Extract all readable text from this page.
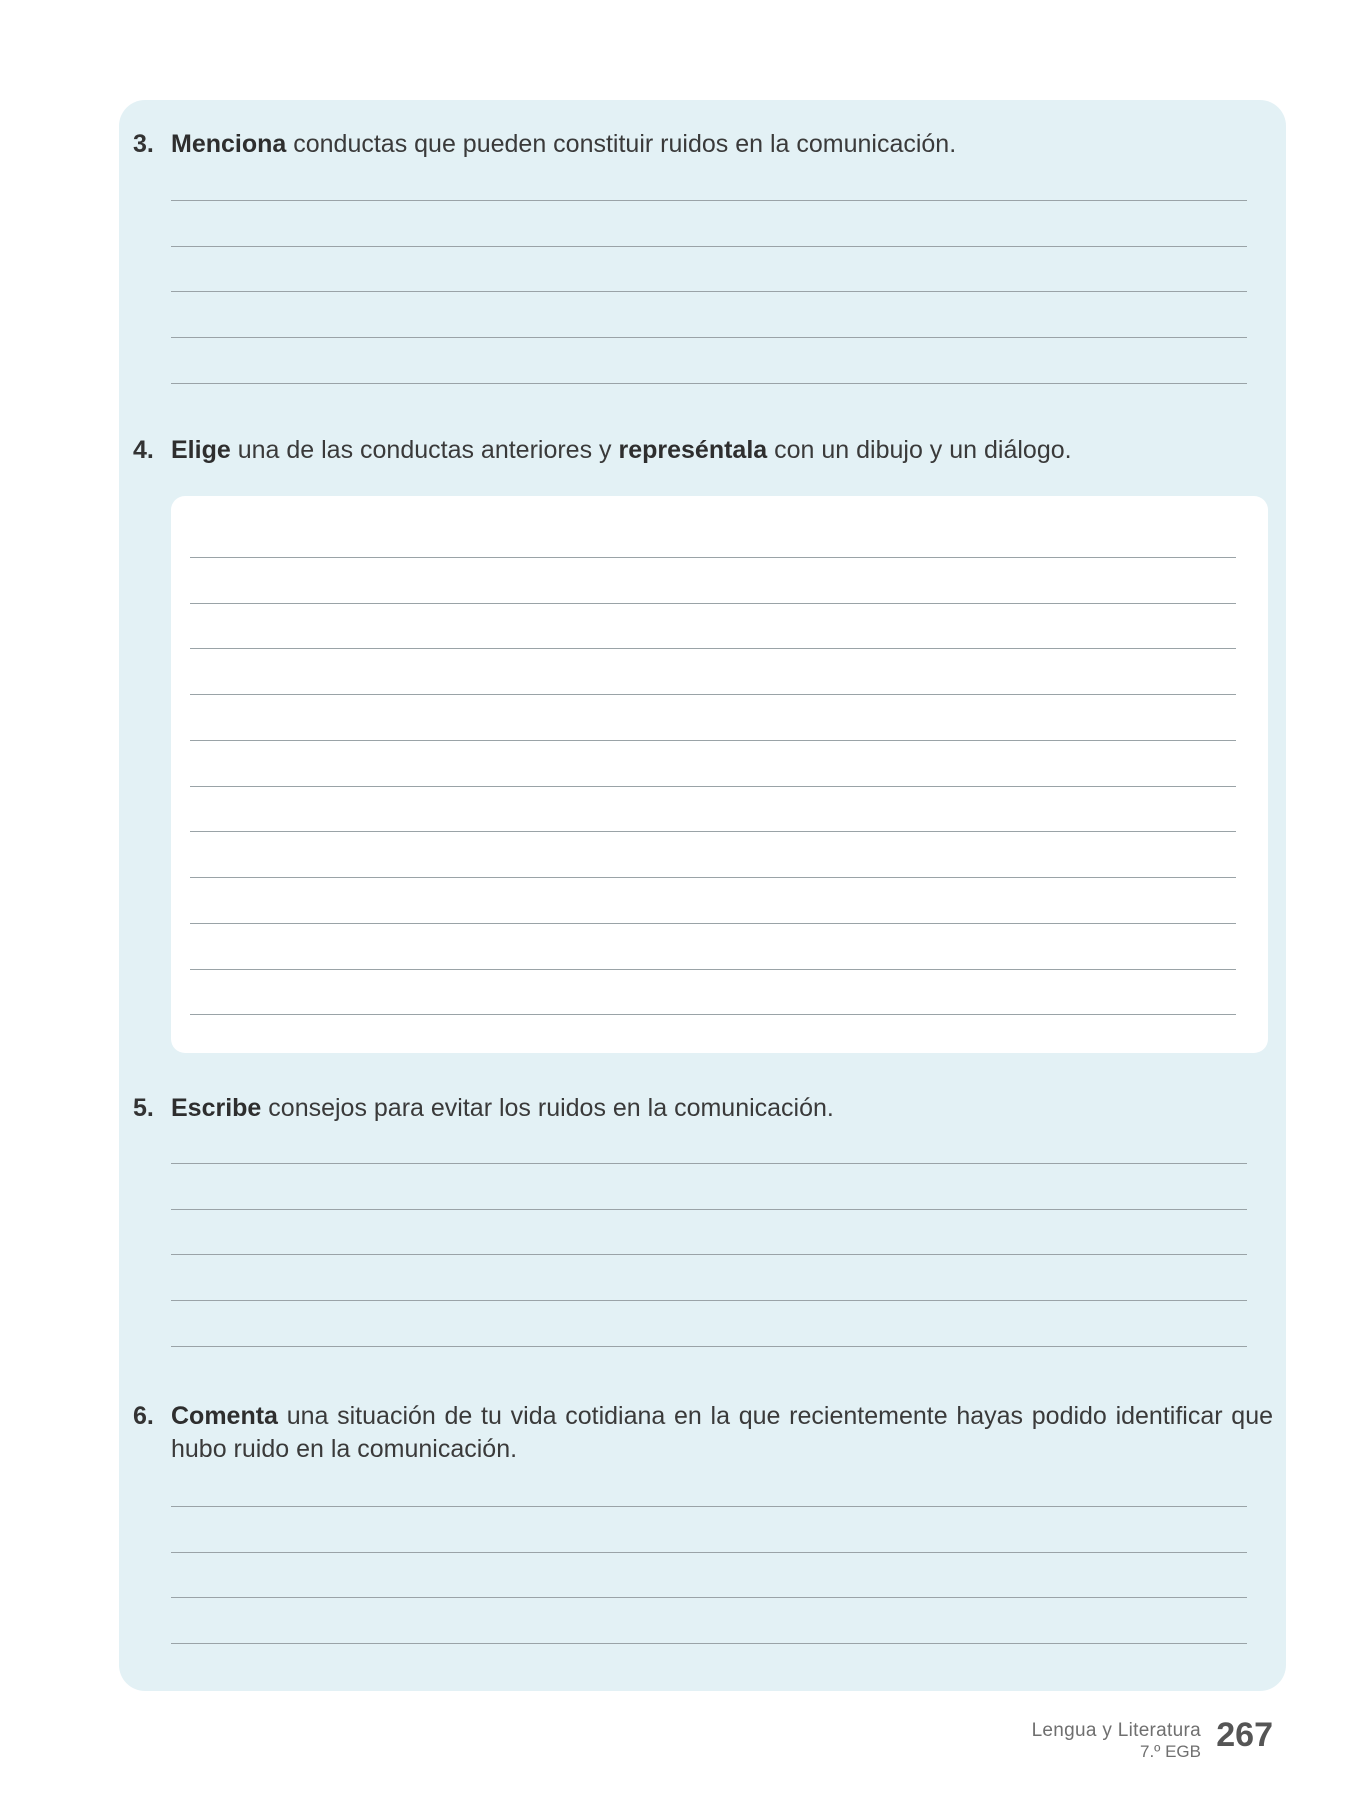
3. Menciona conductas que pueden constituir ruidos en la comunicación.
4. Elige una de las conductas anteriores y represéntala con un dibujo y un diálogo.
5. Escribe consejos para evitar los ruidos en la comunicación.
6. Comenta una situación de tu vida cotidiana en la que recientemente hayas podido identificar que hubo ruido en la comunicación.
Lengua y Literatura
7.º EGB 267
